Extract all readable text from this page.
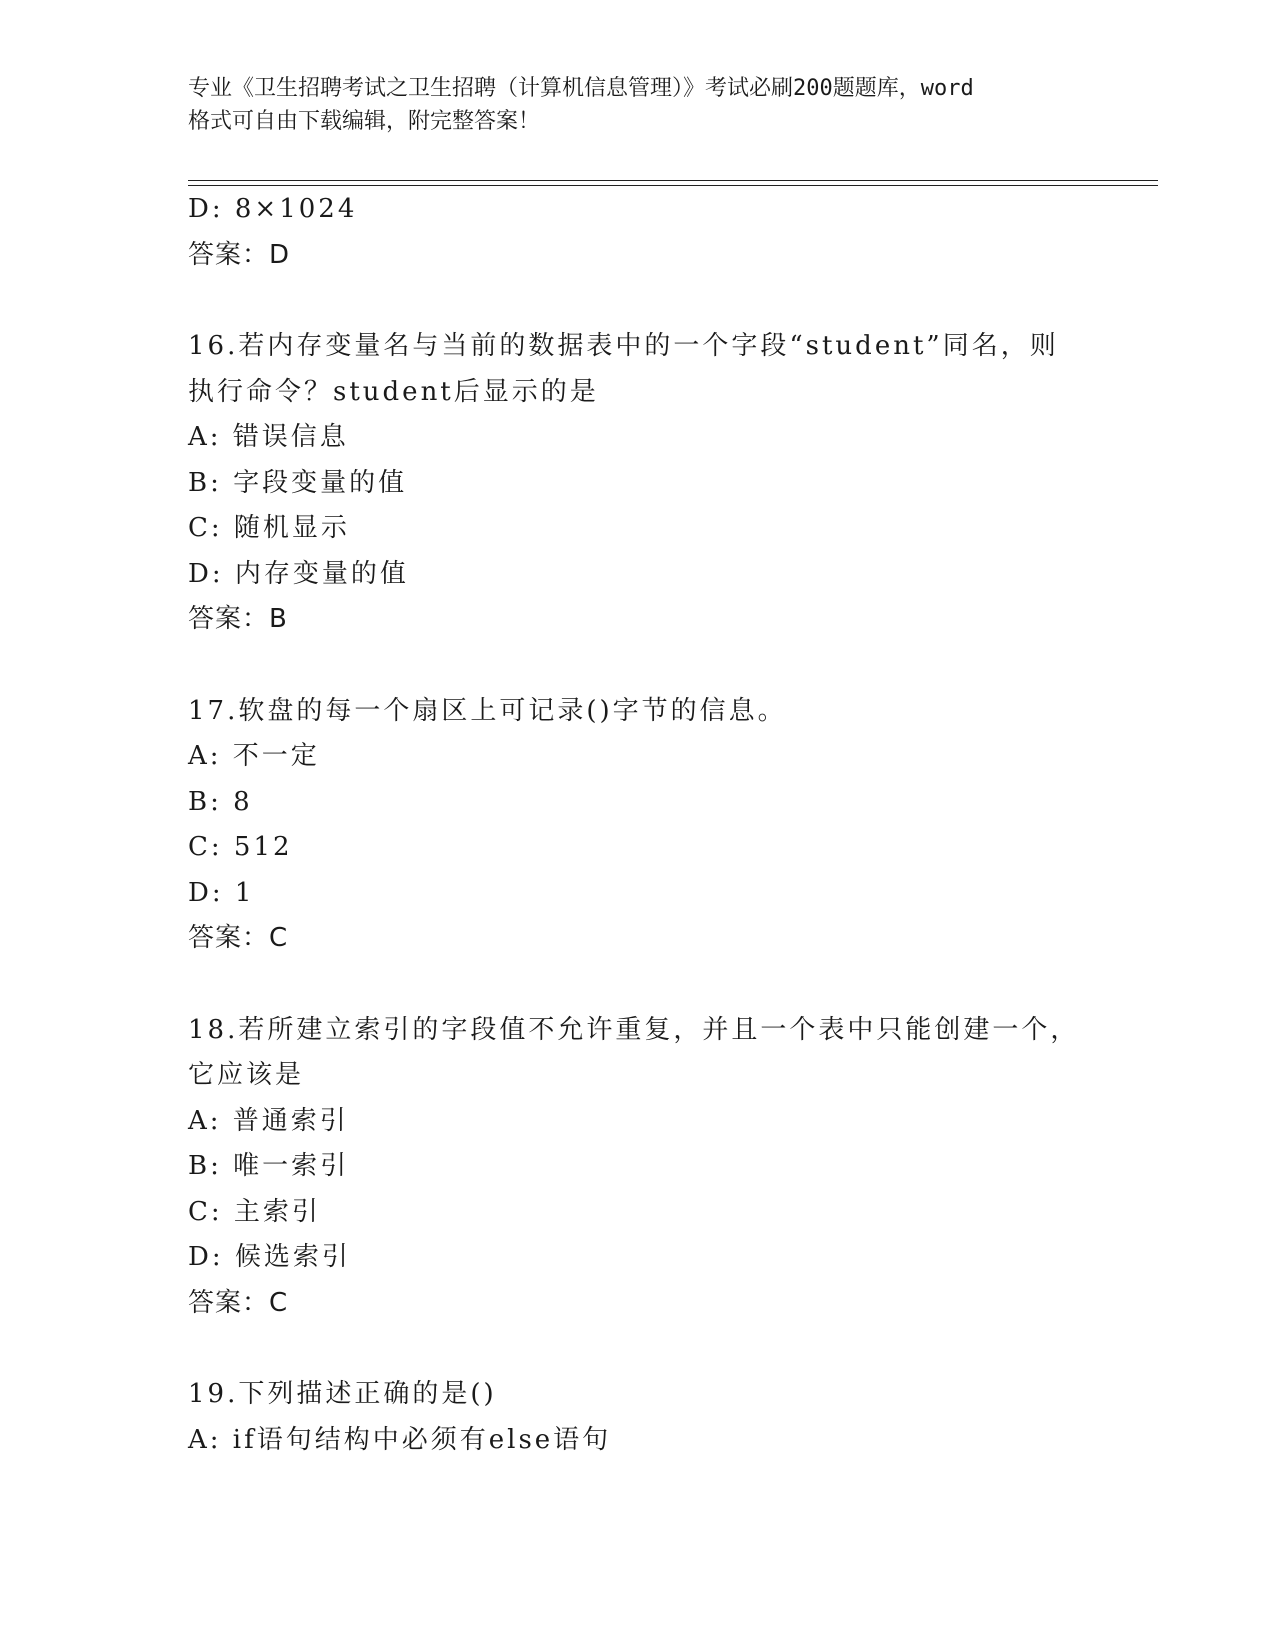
专业《卫生招聘考试之卫生招聘（计算机信息管理）》考试必刷200题题库，word
格式可自由下载编辑，附完整答案！
D: 8×1024
答案：D
16.若内存变量名与当前的数据表中的一个字段“student”同名，则
执行命令？student后显示的是
A: 错误信息
B: 字段变量的值
C: 随机显示
D: 内存变量的值
答案：B
17.软盘的每一个扇区上可记录()字节的信息。
A: 不一定
B: 8
C: 512
D: 1
答案：C
18.若所建立索引的字段值不允许重复，并且一个表中只能创建一个，
它应该是
A: 普通索引
B: 唯一索引
C: 主索引
D: 候选索引
答案：C
19.下列描述正确的是()
A: if语句结构中必须有else语句
